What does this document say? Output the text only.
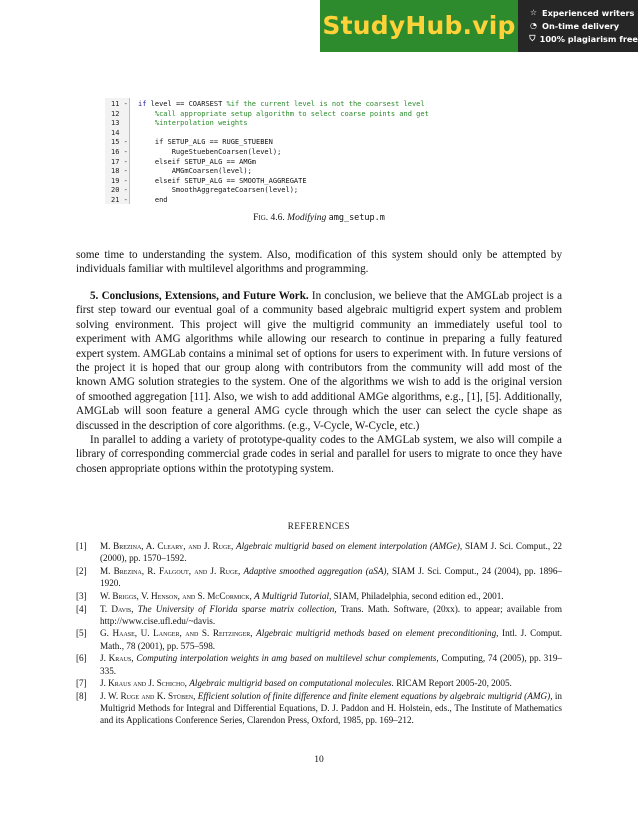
StudyHub.vip ☆ Experienced writers
◔ On-time delivery
⛉ 100% plagiarism free
11 - if level == COARSEST %if the current level is not the coarsest level
12	%call appropriate setup algorithm to select coarse points and get
13	%interpolation weights
14
15 - if SETUP_ALG == RUGE_STUEBEN
16 - RugeStuebenCoarsen(level);
17 - elseif SETUP_ALG == AMGm
18 - AMGmCoarsen(level);
19 - elseif SETUP_ALG == SMOOTH_AGGREGATE
20 - SmoothAggregateCoarsen(level);
21 - end
Fig. 4.6. Modifying amg_setup.m

some time to understanding the system. Also, modification of this system should only be attempted by individuals familiar with multilevel algorithms and programming.

5. Conclusions, Extensions, and Future Work. In conclusion, we believe that the AMGLab project is a first step toward our eventual goal of a community based algebraic multigrid expert system and problem solving environment. This project will give the multigrid community an immediately useful tool to experiment with AMG algorithms while allowing our research to continue in preparing a fully featured expert system. AMGLab contains a minimal set of options for users to experiment with. In future versions of the project it is hoped that our group along with contributors from the community will add most of the known AMG solution strategies to the system. One of the algorithms we wish to add is the original version of smoothed aggregation [11]. Also, we wish to add additional AMGe algorithms, e.g., [1], [5]. Additionally, AMGLab will soon feature a general AMG cycle through which the user can select the cycle shape as discussed in the description of core algorithms. (e.g., V-Cycle, W-Cycle, etc.)

In parallel to adding a variety of prototype-quality codes to the AMGLab system, we also will compile a library of corresponding commercial grade codes in serial and parallel for users to migrate to once they have chosen appropriate options within the prototyping system.

REFERENCES
[1] M. Brezina, A. Cleary, and J. Ruge, Algebraic multigrid based on element interpolation (AMGe), SIAM J. Sci. Comput., 22 (2000), pp. 1570–1592.
[2] M. Brezina, R. Falgout, and J. Ruge, Adaptive smoothed aggregation (aSA), SIAM J. Sci. Comput., 24 (2004), pp. 1896–1920.
[3] W. Briggs, V. Henson, and S. McCormick, A Multigrid Tutorial, SIAM, Philadelphia, second edition ed., 2001.
[4] T. Davis, The University of Florida sparse matrix collection, Trans. Math. Software, (20xx). to appear; available from http://www.cise.ufl.edu/~davis.
[5] G. Haase, U. Langer, and S. Reitzinger, Algebraic multigrid methods based on element preconditioning, Intl. J. Comput. Math., 78 (2001), pp. 575–598.
[6] J. Kraus, Computing interpolation weights in amg based on multilevel schur complements, Computing, 74 (2005), pp. 319–335.
[7] J. Kraus and J. Schicho, Algebraic multigrid based on computational molecules. RICAM Report 2005-20, 2005.
[8] J. W. Ruge and K. Stüben, Efficient solution of finite difference and finite element equations by algebraic multigrid (AMG), in Multigrid Methods for Integral and Differential Equations, D. J. Paddon and H. Holstein, eds., The Institute of Mathematics and its Applications Conference Series, Clarendon Press, Oxford, 1985, pp. 169–212.
10
